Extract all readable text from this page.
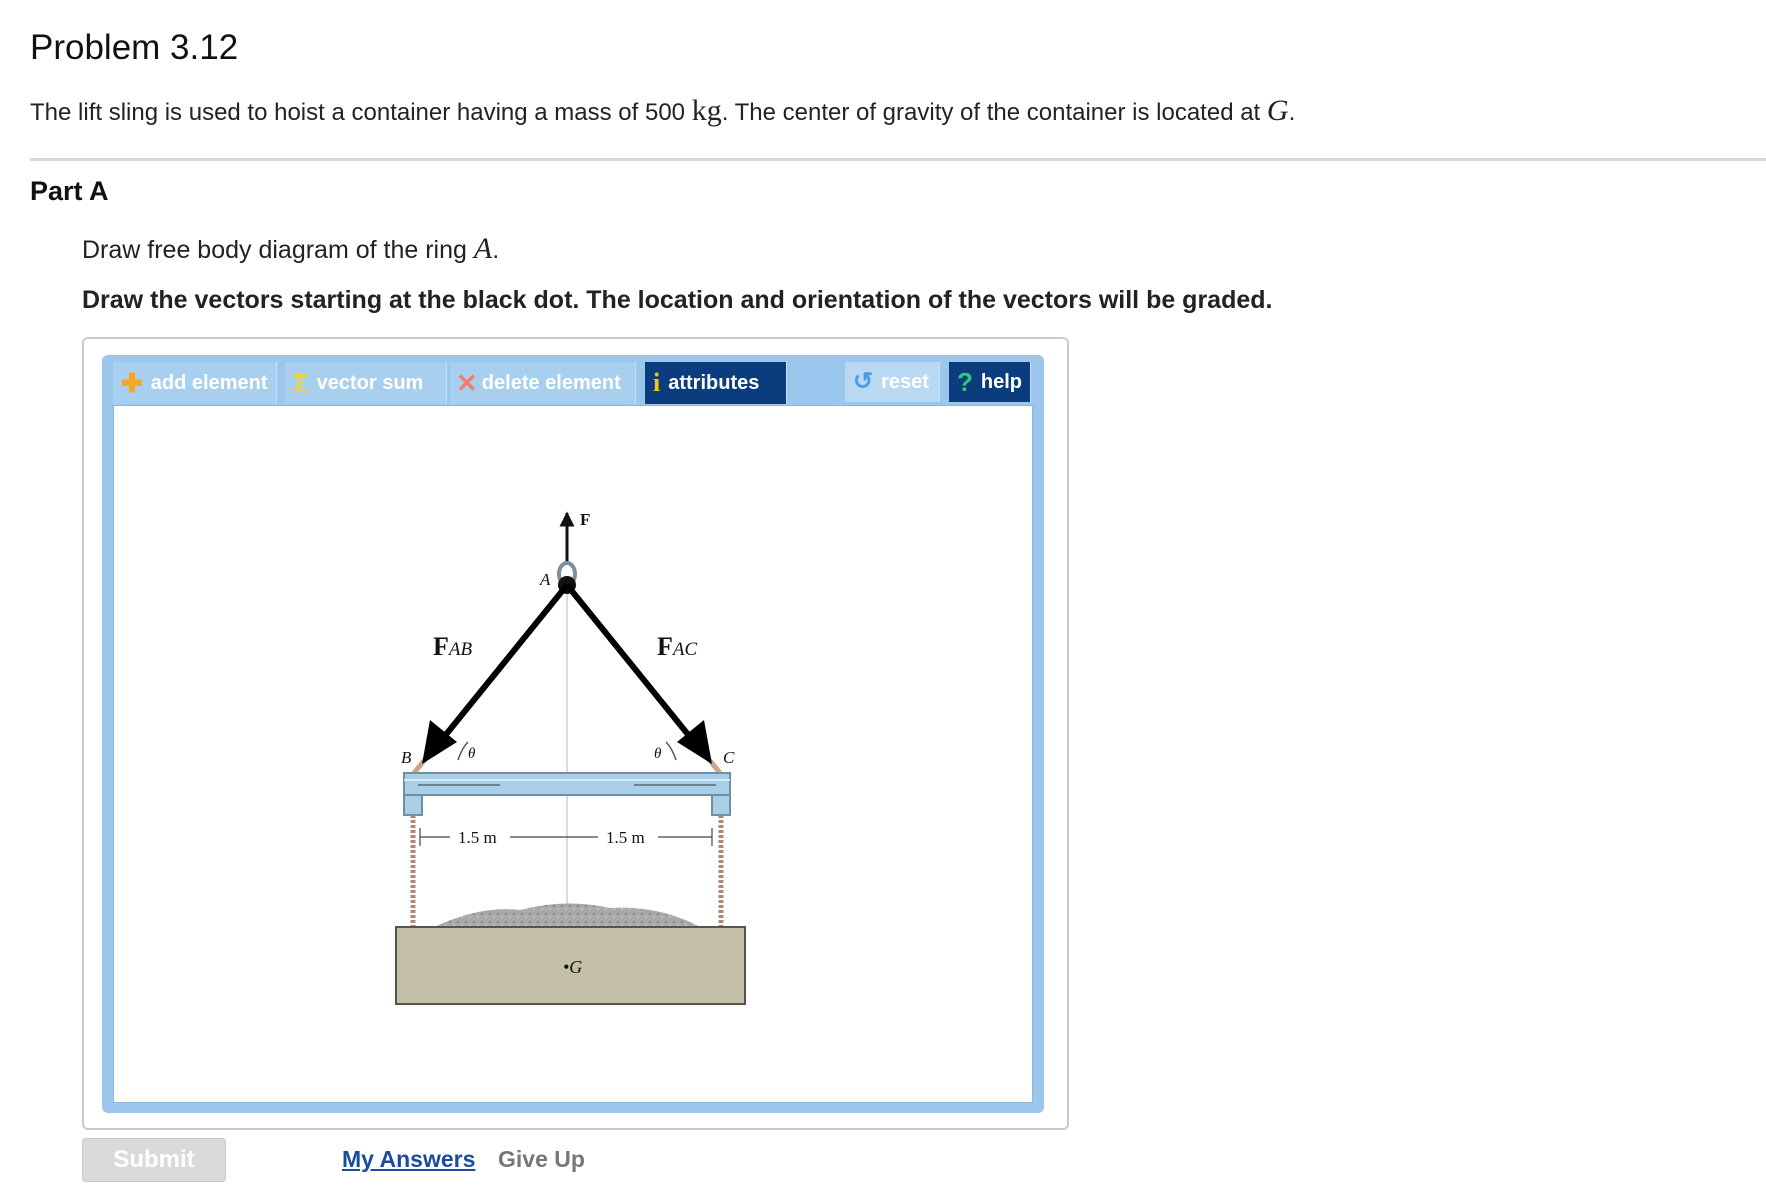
Problem 3.12
The lift sling is used to hoist a container having a mass of 500 kg. The center of gravity of the container is located at G.
Part A
Draw free body diagram of the ring A.
Draw the vectors starting at the black dot. The location and orientation of the vectors will be graded.
✚ add element Σ vector sum ✕ delete element i attributes	↺ reset ? help
F
A
FAB	FAC
B	C
θ	θ
1.5 m	1.5 m
•G
Submit	My Answers Give Up
